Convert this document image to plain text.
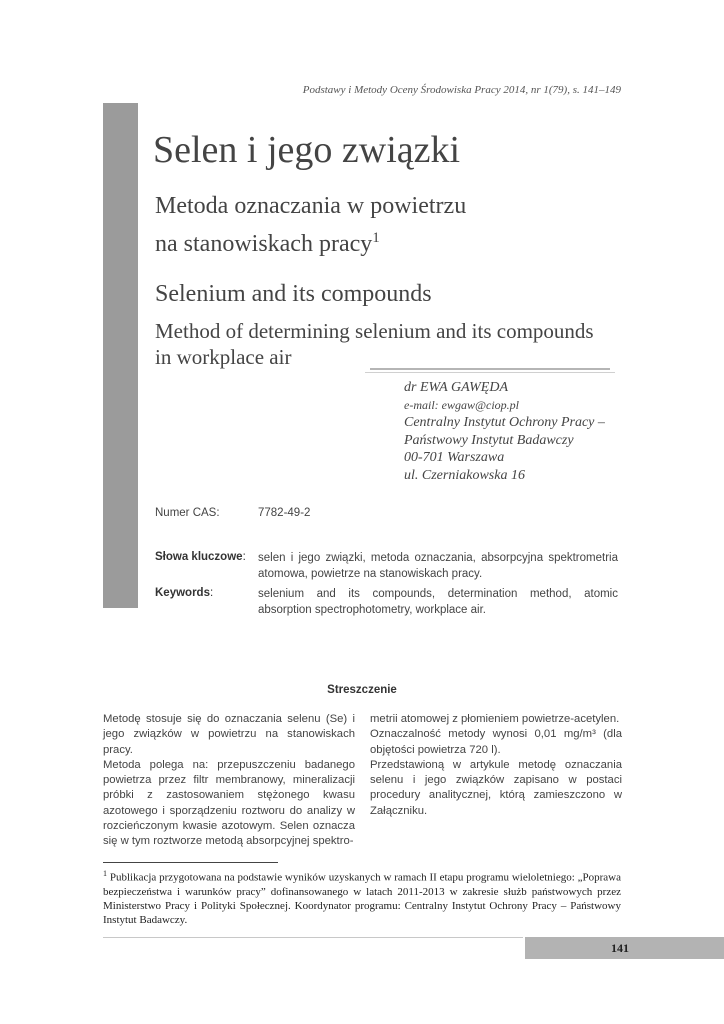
Podstawy i Metody Oceny Środowiska Pracy 2014, nr 1(79), s. 141–149
Selen i jego związki
Metoda oznaczania w powietrzu
na stanowiskach pracy$^1$
Selenium and its compounds
Method of determining selenium and its compounds
in workplace air
dr EWA GAWĘDA
e-mail: ewgaw@ciop.pl
Centralny Instytut Ochrony Pracy –
Państwowy Instytut Badawczy
00-701 Warszawa
ul. Czerniakowska 16
Numer CAS:	7782-49-2
Słowa kluczowe: selen i jego związki, metoda oznaczania, absorpcyjna spektrometria atomowa, powietrze na stanowiskach pracy.
Keywords:	selenium and its compounds, determination method, atomic absorption spectrophotometry, workplace air.
Streszczenie

Metodę stosuje się do oznaczania selenu (Se) i jego związków w powietrzu na stanowiskach pracy.

Metoda polega na: przepuszczeniu badanego powietrza przez filtr membranowy, mineralizacji próbki z zastosowaniem stężonego kwasu azotowego i sporządzeniu roztworu do analizy w rozcieńczonym kwasie azotowym. Selen oznacza się w tym roztworze metodą absorpcyjnej spektro-

metrii atomowej z płomieniem powietrze-acetylen.

Oznaczalność metody wynosi 0,01 mg/m³ (dla objętości powietrza 720 l).

Przedstawioną w artykule metodę oznaczania selenu i jego związków zapisano w postaci procedury analitycznej, którą zamieszczono w Załączniku.

$^1$ Publikacja przygotowana na podstawie wyników uzyskanych w ramach II etapu programu wieloletniego: „Poprawa bezpieczeństwa i warunków pracy” dofinansowanego w latach 2011-2013 w zakresie służb państwowych przez Ministerstwo Pracy i Polityki Społecznej. Koordynator programu: Centralny Instytut Ochrony Pracy – Państwowy Instytut Badawczy.
141
